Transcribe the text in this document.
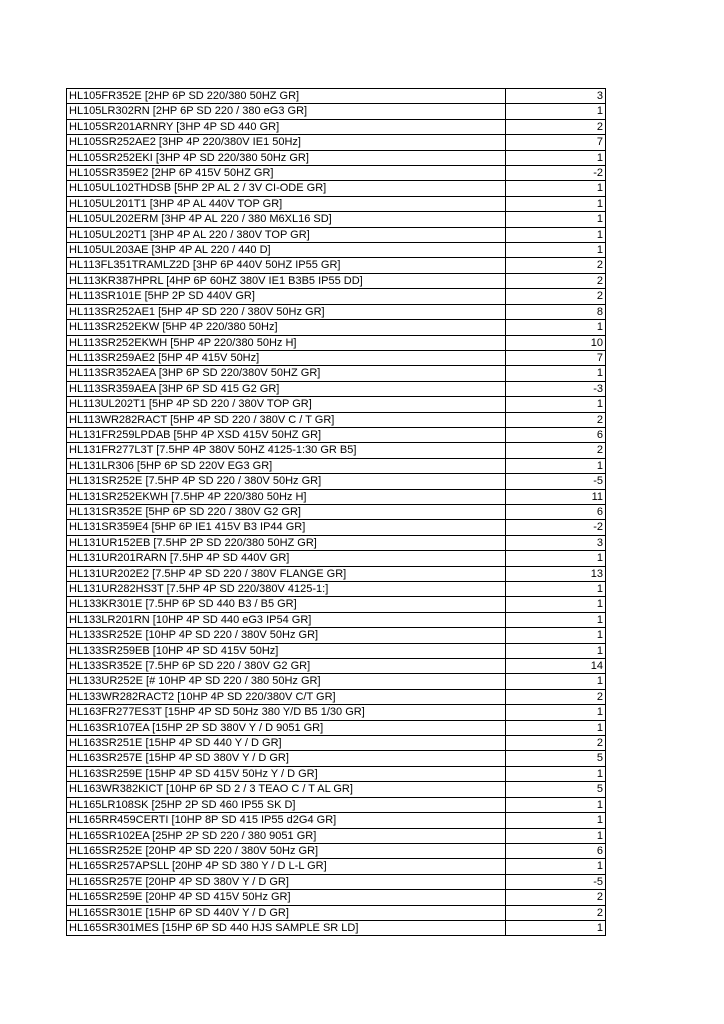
HL105FR352E [2HP 6P SD 220/380 50HZ GR]	3
HL105LR302RN [2HP 6P SD 220 / 380 eG3 GR]	1
HL105SR201ARNRY [3HP 4P SD 440 GR]	2
HL105SR252AE2 [3HP 4P 220/380V IE1 50Hz]	7
HL105SR252EKI [3HP 4P SD 220/380 50Hz GR]	1
HL105SR359E2 [2HP 6P 415V 50HZ GR]	-2
HL105UL102THDSB [5HP 2P AL 2 / 3V CI-ODE GR]	1
HL105UL201T1 [3HP 4P AL 440V TOP GR]	1
HL105UL202ERM [3HP 4P AL 220 / 380 M6XL16 SD]	1
HL105UL202T1 [3HP 4P AL 220 / 380V TOP GR]	1
HL105UL203AE [3HP 4P AL 220 / 440 D]	1
HL113FL351TRAMLZ2D [3HP 6P 440V 50HZ IP55 GR]	2
HL113KR387HPRL [4HP 6P 60HZ 380V IE1 B3B5 IP55 DD]	2
HL113SR101E [5HP 2P SD 440V GR]	2
HL113SR252AE1 [5HP 4P SD 220 / 380V 50Hz GR]	8
HL113SR252EKW [5HP 4P 220/380 50Hz]	1
HL113SR252EKWH [5HP 4P 220/380 50Hz H]	10
HL113SR259AE2 [5HP 4P 415V 50Hz]	7
HL113SR352AEA [3HP 6P SD 220/380V 50HZ GR]	1
HL113SR359AEA [3HP 6P SD 415 G2 GR]	-3
HL113UL202T1 [5HP 4P SD 220 / 380V TOP GR]	1
HL113WR282RACT [5HP 4P SD 220 / 380V C / T GR]	2
HL131FR259LPDAB [5HP 4P XSD 415V 50HZ GR]	6
HL131FR277L3T [7.5HP 4P 380V 50HZ 4125-1:30 GR B5]	2
HL131LR306 [5HP 6P SD 220V EG3 GR]	1
HL131SR252E [7.5HP 4P SD 220 / 380V 50Hz GR]	-5
HL131SR252EKWH [7.5HP 4P 220/380 50Hz H]	11
HL131SR352E [5HP 6P SD 220 / 380V G2 GR]	6
HL131SR359E4 [5HP 6P IE1 415V B3 IP44 GR]	-2
HL131UR152EB [7.5HP 2P SD 220/380 50HZ GR]	3
HL131UR201RARN [7.5HP 4P SD 440V GR]	1
HL131UR202E2 [7.5HP 4P SD 220 / 380V FLANGE GR]	13
HL131UR282HS3T [7.5HP 4P SD 220/380V 4125-1:]	1
HL133KR301E [7.5HP 6P SD 440 B3 / B5 GR]	1
HL133LR201RN [10HP 4P SD 440 eG3 IP54 GR]	1
HL133SR252E [10HP 4P SD 220 / 380V 50Hz GR]	1
HL133SR259EB [10HP 4P SD 415V 50Hz]	1
HL133SR352E [7.5HP 6P SD 220 / 380V G2 GR]	14
HL133UR252E [# 10HP 4P SD 220 / 380 50Hz GR]	1
HL133WR282RACT2 [10HP 4P SD 220/380V C/T GR]	2
HL163FR277ES3T [15HP 4P SD 50Hz 380 Y/D B5 1/30 GR]	1
HL163SR107EA [15HP 2P SD 380V Y / D 9051 GR]	1
HL163SR251E [15HP 4P SD 440 Y / D GR]	2
HL163SR257E [15HP 4P SD 380V Y / D GR]	5
HL163SR259E [15HP 4P SD 415V 50Hz Y / D GR]	1
HL163WR382KICT [10HP 6P SD 2 / 3 TEAO C / T AL GR]	5
HL165LR108SK [25HP 2P SD 460 IP55 SK D]	1
HL165RR459CERTI [10HP 8P SD 415 IP55 d2G4 GR]	1
HL165SR102EA [25HP 2P SD 220 / 380 9051 GR]	1
HL165SR252E [20HP 4P SD 220 / 380V 50Hz GR]	6
HL165SR257APSLL [20HP 4P SD 380 Y / D L-L GR]	1
HL165SR257E [20HP 4P SD 380V Y / D GR]	-5
HL165SR259E [20HP 4P SD 415V 50Hz GR]	2
HL165SR301E [15HP 6P SD 440V Y / D GR]	2
HL165SR301MES [15HP 6P SD 440 HJS SAMPLE SR LD]	1
